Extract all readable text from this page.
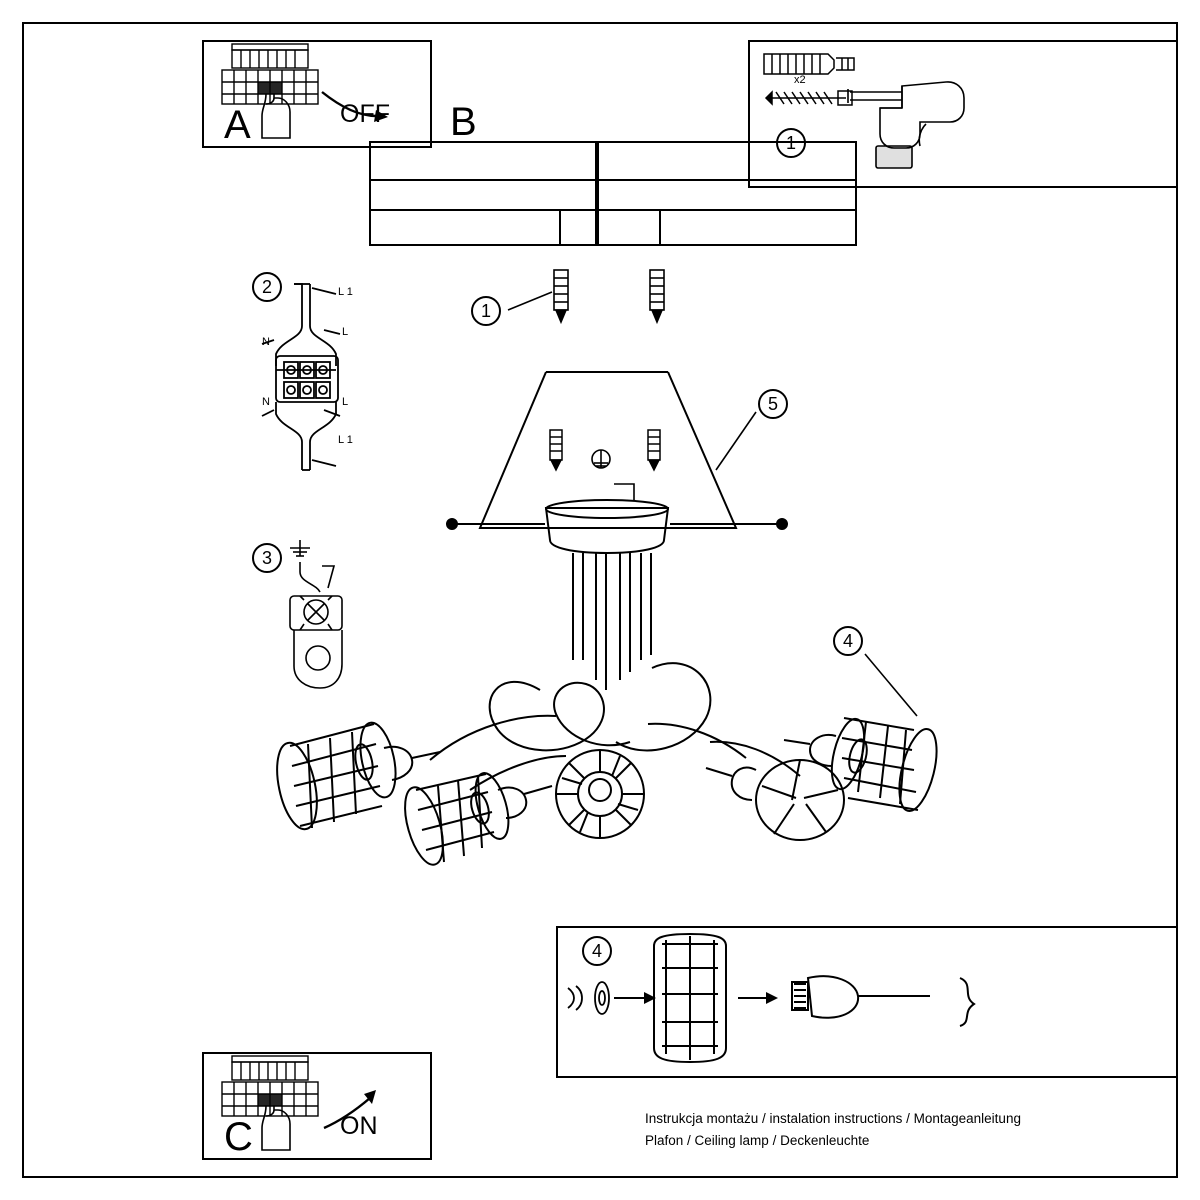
A	OFF B
x2
1
1
5
4
2	L 1
L
N
N	L
L 1
3
4
C	ON	Instrukcja montażu / instalation instructions / Montageanleitung
Plafon / Ceiling lamp / Deckenleuchte
